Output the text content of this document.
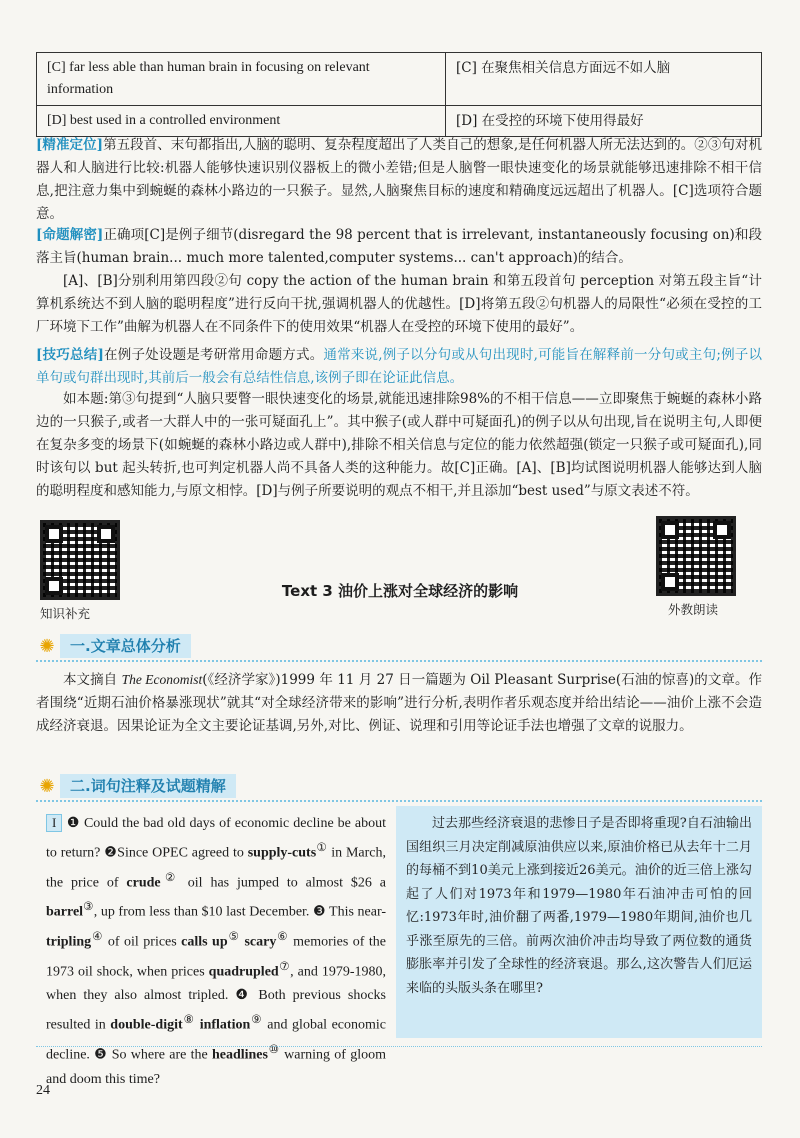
[C] far less able than human brain in focusing on relevant information	[C] 在聚焦相关信息方面远不如人脑
[D] best used in a controlled environment	[D] 在受控的环境下使用得最好
[精准定位]第五段首、末句都指出,人脑的聪明、复杂程度超出了人类自己的想象,是任何机器人所无法达到的。②③句对机器人和人脑进行比较:机器人能够快速识别仪器板上的微小差错;但是人脑瞥一眼快速变化的场景就能够迅速排除不相干信息,把注意力集中到蜿蜒的森林小路边的一只猴子。显然,人脑聚焦目标的速度和精确度远远超出了机器人。[C]选项符合题意。
[命题解密]正确项[C]是例子细节(disregard the 98 percent that is irrelevant, instantaneously focusing on)和段落主旨(human brain... much more talented,computer systems... can't approach)的结合。
[A]、[B]分别利用第四段②句 copy the action of the human brain 和第五段首句 perception 对第五段主旨“计算机系统达不到人脑的聪明程度”进行反向干扰,强调机器人的优越性。[D]将第五段②句机器人的局限性“必须在受控的工厂环境下工作”曲解为机器人在不同条件下的使用效果“机器人在受控的环境下使用的最好”。
[技巧总结]在例子处设题是考研常用命题方式。通常来说,例子以分句或从句出现时,可能旨在解释前一分句或主句;例子以单句或句群出现时,其前后一般会有总结性信息,该例子即在论证此信息。
如本题:第③句提到“人脑只要瞥一眼快速变化的场景,就能迅速排除98%的不相干信息——立即聚焦于蜿蜒的森林小路边的一只猴子,或者一大群人中的一张可疑面孔上”。其中猴子(或人群中可疑面孔)的例子以从句出现,旨在说明主句,人即便在复杂多变的场景下(如蜿蜒的森林小路边或人群中),排除不相关信息与定位的能力依然超强(锁定一只猴子或可疑面孔),同时该句以 but 起头转折,也可判定机器人尚不具备人类的这种能力。故[C]正确。[A]、[B]均试图说明机器人能够达到人脑的聪明程度和感知能力,与原文相悖。[D]与例子所要说明的观点不相干,并且添加“best used”与原文表述不符。
知识补充
Text 3 油价上涨对全球经济的影响
外教朗读
✺	一.文章总体分析
本文摘自 The Economist(《经济学家》)1999 年 11 月 27 日一篇题为 Oil Pleasant Surprise(石油的惊喜)的文章。作者围绕“近期石油价格暴涨现状”就其“对全球经济带来的影响”进行分析,表明作者乐观态度并给出结论——油价上涨不会造成经济衰退。因果论证为全文主要论证基调,另外,对比、例证、说理和引用等论证手法也增强了文章的说服力。
✺	二.词句注释及试题精解
I ❶ Could the bad old days of economic decline be about to return? ❷Since OPEC agreed to supply-cuts① in March, the price of crude② oil has jumped to almost $26 a barrel③, up from less than $10 last December. ❸ This near-tripling④ of oil prices calls up⑤ scary⑥ memories of the 1973 oil shock, when prices quadrupled⑦, and 1979-1980, when they also almost tripled. ❹ Both previous shocks resulted in double-digit⑧ inflation⑨ and global economic decline. ❺ So where are the headlines⑩ warning of gloom and doom this time?
过去那些经济衰退的悲惨日子是否即将重现?自石油输出国组织三月决定削减原油供应以来,原油价格已从去年十二月的每桶不到10美元上涨到接近26美元。油价的近三倍上涨勾起了人们对1973年和1979—1980年石油冲击可怕的回忆:1973年时,油价翻了两番,1979—1980年期间,油价也几乎涨至原先的三倍。前两次油价冲击均导致了两位数的通货膨胀率并引发了全球性的经济衰退。那么,这次警告人们厄运来临的头版头条在哪里?
24
